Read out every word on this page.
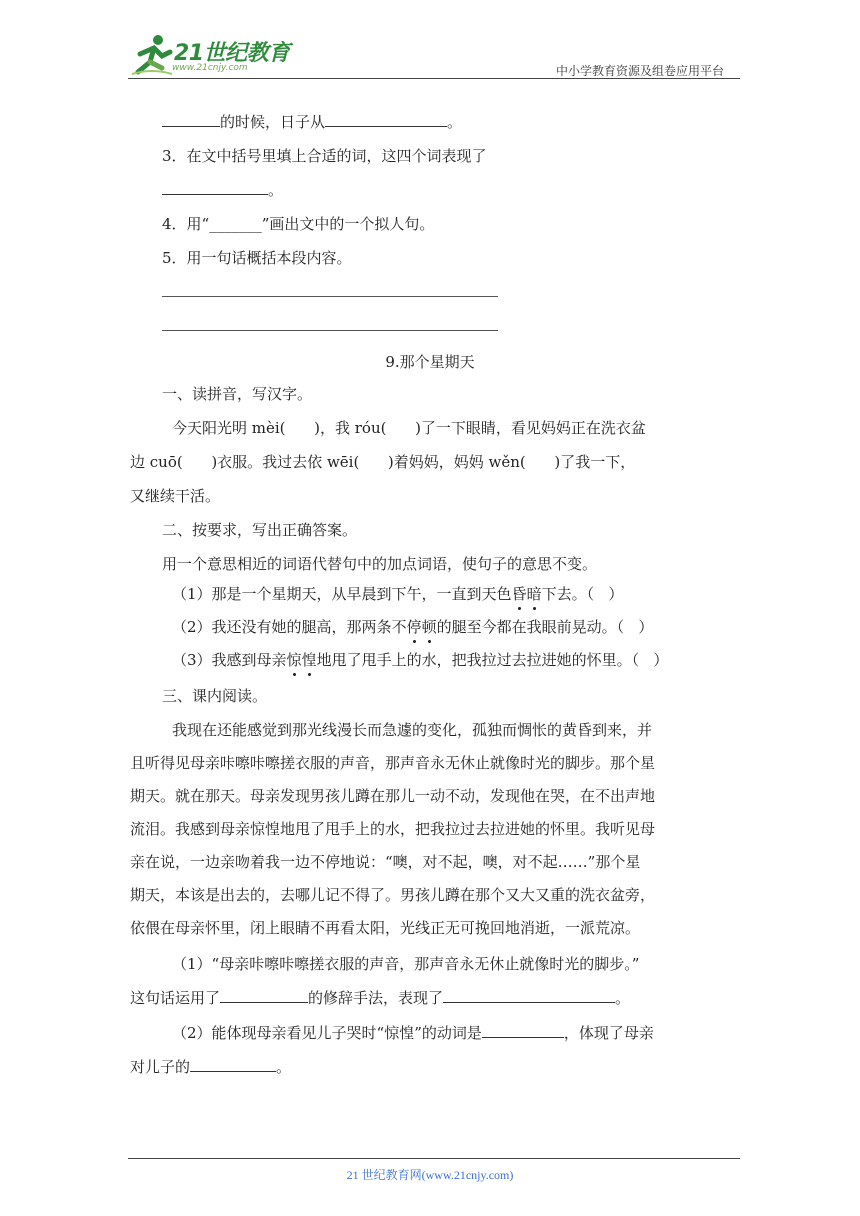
21世纪教育
www.21cnjy.com	中小学教育资源及组卷应用平台
的时候，日子从	。
3．在文中括号里填上合适的词，这四个词表现了
。
4．用“_______”画出文中的一个拟人句。
5．用一句话概括本段内容。
9.那个星期天
一、读拼音，写汉字。
今天阳光明 mèi(      )，我 róu(      )了一下眼睛，看见妈妈正在洗衣盆
边 cuō(      )衣服。我过去依 wēi(      )着妈妈，妈妈 wěn(      )了我一下，
又继续干活。
二、按要求，写出正确答案。
用一个意思相近的词语代替句中的加点词语，使句子的意思不变。
（1）那是一个星期天，从早晨到下午，一直到天色昏暗下去。（   ）
（2）我还没有她的腿高，那两条不停顿的腿至今都在我眼前晃动。（   ）
（3）我感到母亲惊惶地甩了甩手上的水，把我拉过去拉进她的怀里。（   ）
三、课内阅读。
我现在还能感觉到那光线漫长而急遽的变化，孤独而惆怅的黄昏到来，并
且听得见母亲咔嚓咔嚓搓衣服的声音，那声音永无休止就像时光的脚步。那个星
期天。就在那天。母亲发现男孩儿蹲在那儿一动不动，发现他在哭，在不出声地
流泪。我感到母亲惊惶地甩了甩手上的水，把我拉过去拉进她的怀里。我听见母
亲在说，一边亲吻着我一边不停地说：“噢，对不起，噢，对不起……”那个星
期天，本该是出去的，去哪儿记不得了。男孩儿蹲在那个又大又重的洗衣盆旁，
依偎在母亲怀里，闭上眼睛不再看太阳，光线正无可挽回地消逝，一派荒凉。
（1）“母亲咔嚓咔嚓搓衣服的声音，那声音永无休止就像时光的脚步。”
这句话运用了	的修辞手法，表现了	。
（2）能体现母亲看见儿子哭时“惊惶”的动词是	，体现了母亲
对儿子的	。
21 世纪教育网(www.21cnjy.com)
